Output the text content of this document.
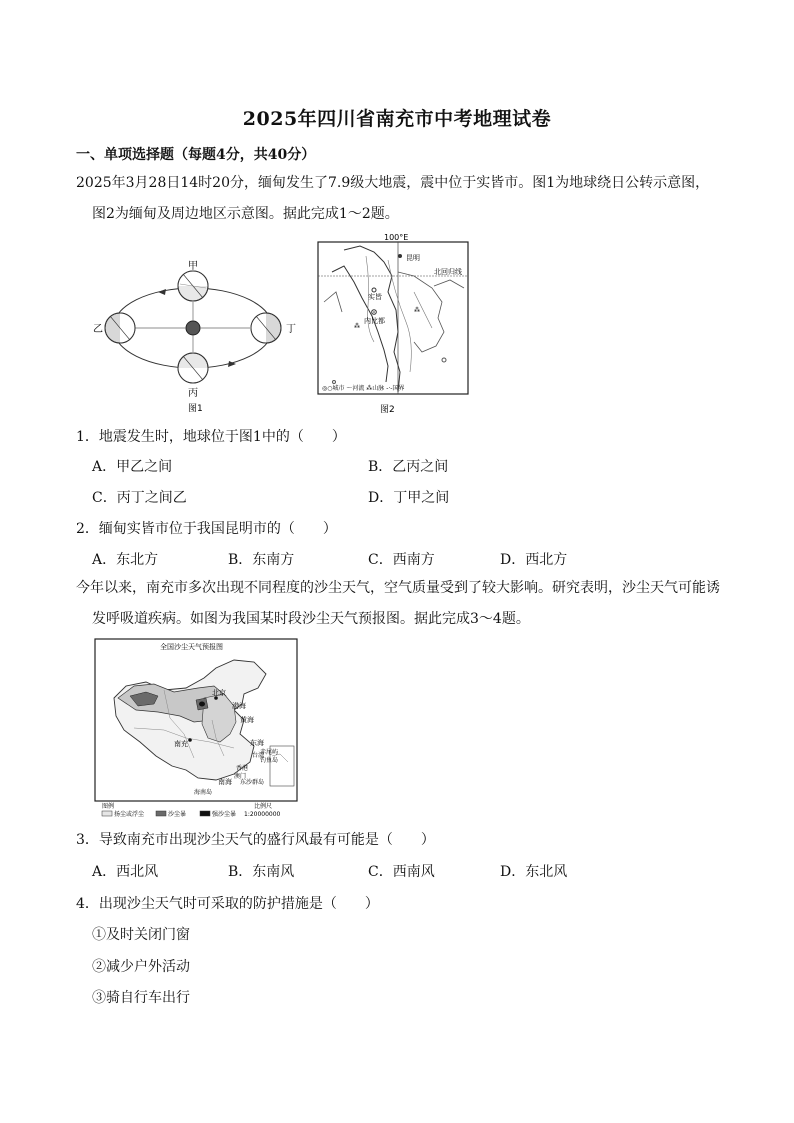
2025年四川省南充市中考地理试卷
一、单项选择题（每题4分，共40分）
2025年3月28日14时20分，缅甸发生了7.9级大地震，震中位于实皆市。图1为地球绕日公转示意图，
图2为缅甸及周边地区示意图。据此完成1～2题。
甲
乙	丁
丙
图1
⁂
⁂
100°E
昆明
北回归线
实皆
内比都
◎○城市 ～河流 ⁂山脉 -·-国界
图2
1．地震发生时，地球位于图1中的（　　）
A．甲乙之间	B．乙丙之间
C．丙丁之间乙	D．丁甲之间
2．缅甸实皆市位于我国昆明市的（　　）
A．东北方	B．东南方	C．西南方	D．西北方
今年以来，南充市多次出现不同程度的沙尘天气，空气质量受到了较大影响。研究表明，沙尘天气可能诱
发呼吸道疾病。如图为我国某时段沙尘天气预报图。据此完成3～4题。
全国沙尘天气预报图
北京
渤海
黄海
南充	东海
赤尾屿
钓鱼岛
台湾
香港
澳门
南海 东沙群岛
海南岛
图例
扬尘或浮尘	沙尘暴	强沙尘暴
比例尺
1:20000000
3．导致南充市出现沙尘天气的盛行风最有可能是（　　）
A．西北风	B．东南风	C．西南风	D．东北风
4．出现沙尘天气时可采取的防护措施是（　　）
①及时关闭门窗
②减少户外活动
③骑自行车出行
